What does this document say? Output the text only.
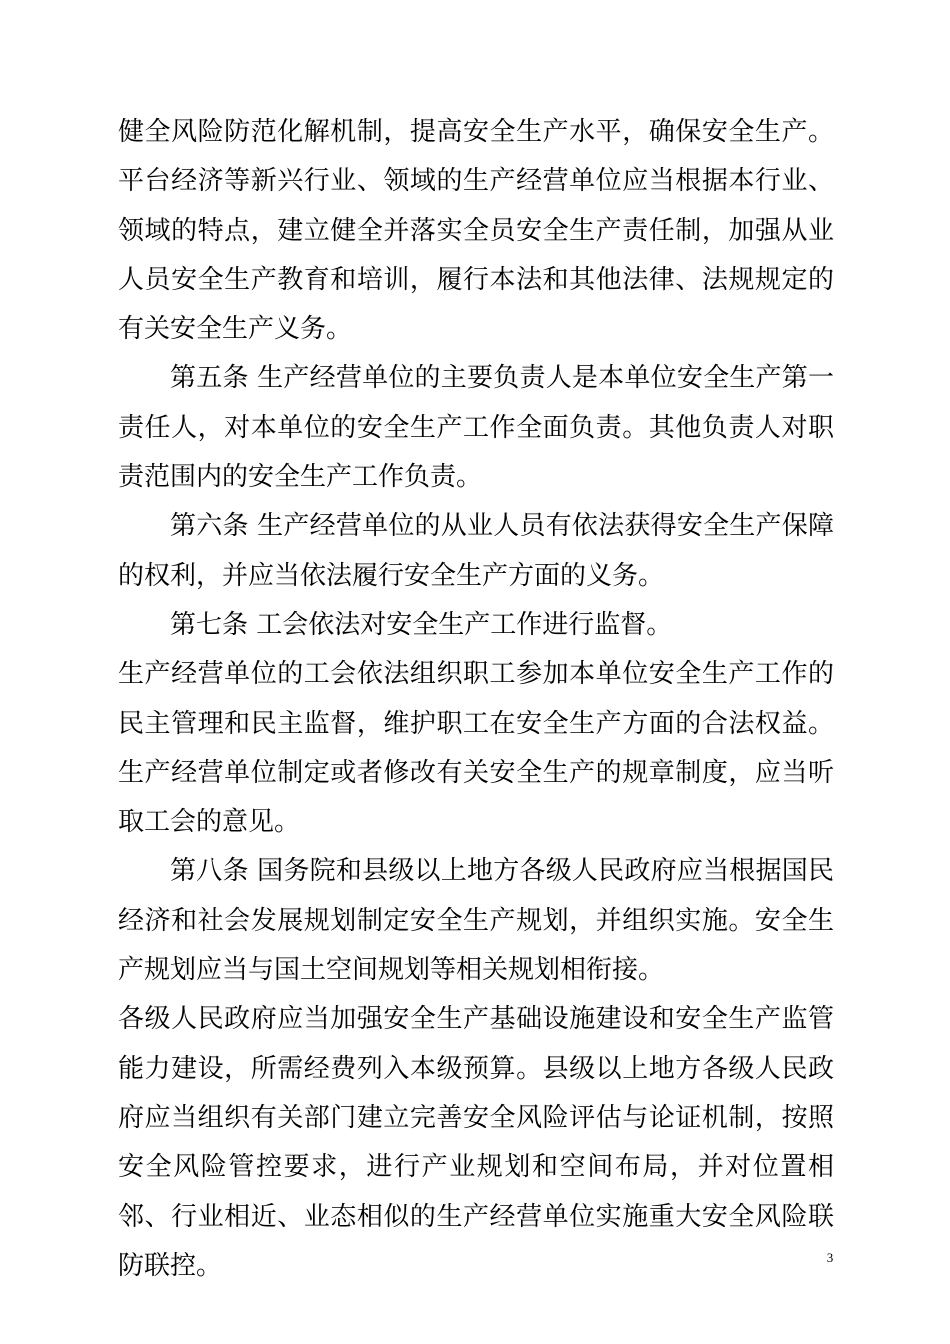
健全风险防范化解机制，提高安全生产水平，确保安全生产。平台经济等新兴行业、领域的生产经营单位应当根据本行业、领域的特点，建立健全并落实全员安全生产责任制，加强从业人员安全生产教育和培训，履行本法和其他法律、法规规定的有关安全生产义务。

第五条 生产经营单位的主要负责人是本单位安全生产第一责任人，对本单位的安全生产工作全面负责。其他负责人对职责范围内的安全生产工作负责。

第六条 生产经营单位的从业人员有依法获得安全生产保障的权利，并应当依法履行安全生产方面的义务。

第七条 工会依法对安全生产工作进行监督。

生产经营单位的工会依法组织职工参加本单位安全生产工作的民主管理和民主监督，维护职工在安全生产方面的合法权益。生产经营单位制定或者修改有关安全生产的规章制度，应当听取工会的意见。

第八条 国务院和县级以上地方各级人民政府应当根据国民经济和社会发展规划制定安全生产规划，并组织实施。安全生产规划应当与国土空间规划等相关规划相衔接。

各级人民政府应当加强安全生产基础设施建设和安全生产监管能力建设，所需经费列入本级预算。县级以上地方各级人民政府应当组织有关部门建立完善安全风险评估与论证机制，按照安全风险管控要求，进行产业规划和空间布局，并对位置相邻、行业相近、业态相似的生产经营单位实施重大安全风险联防联控。	3
